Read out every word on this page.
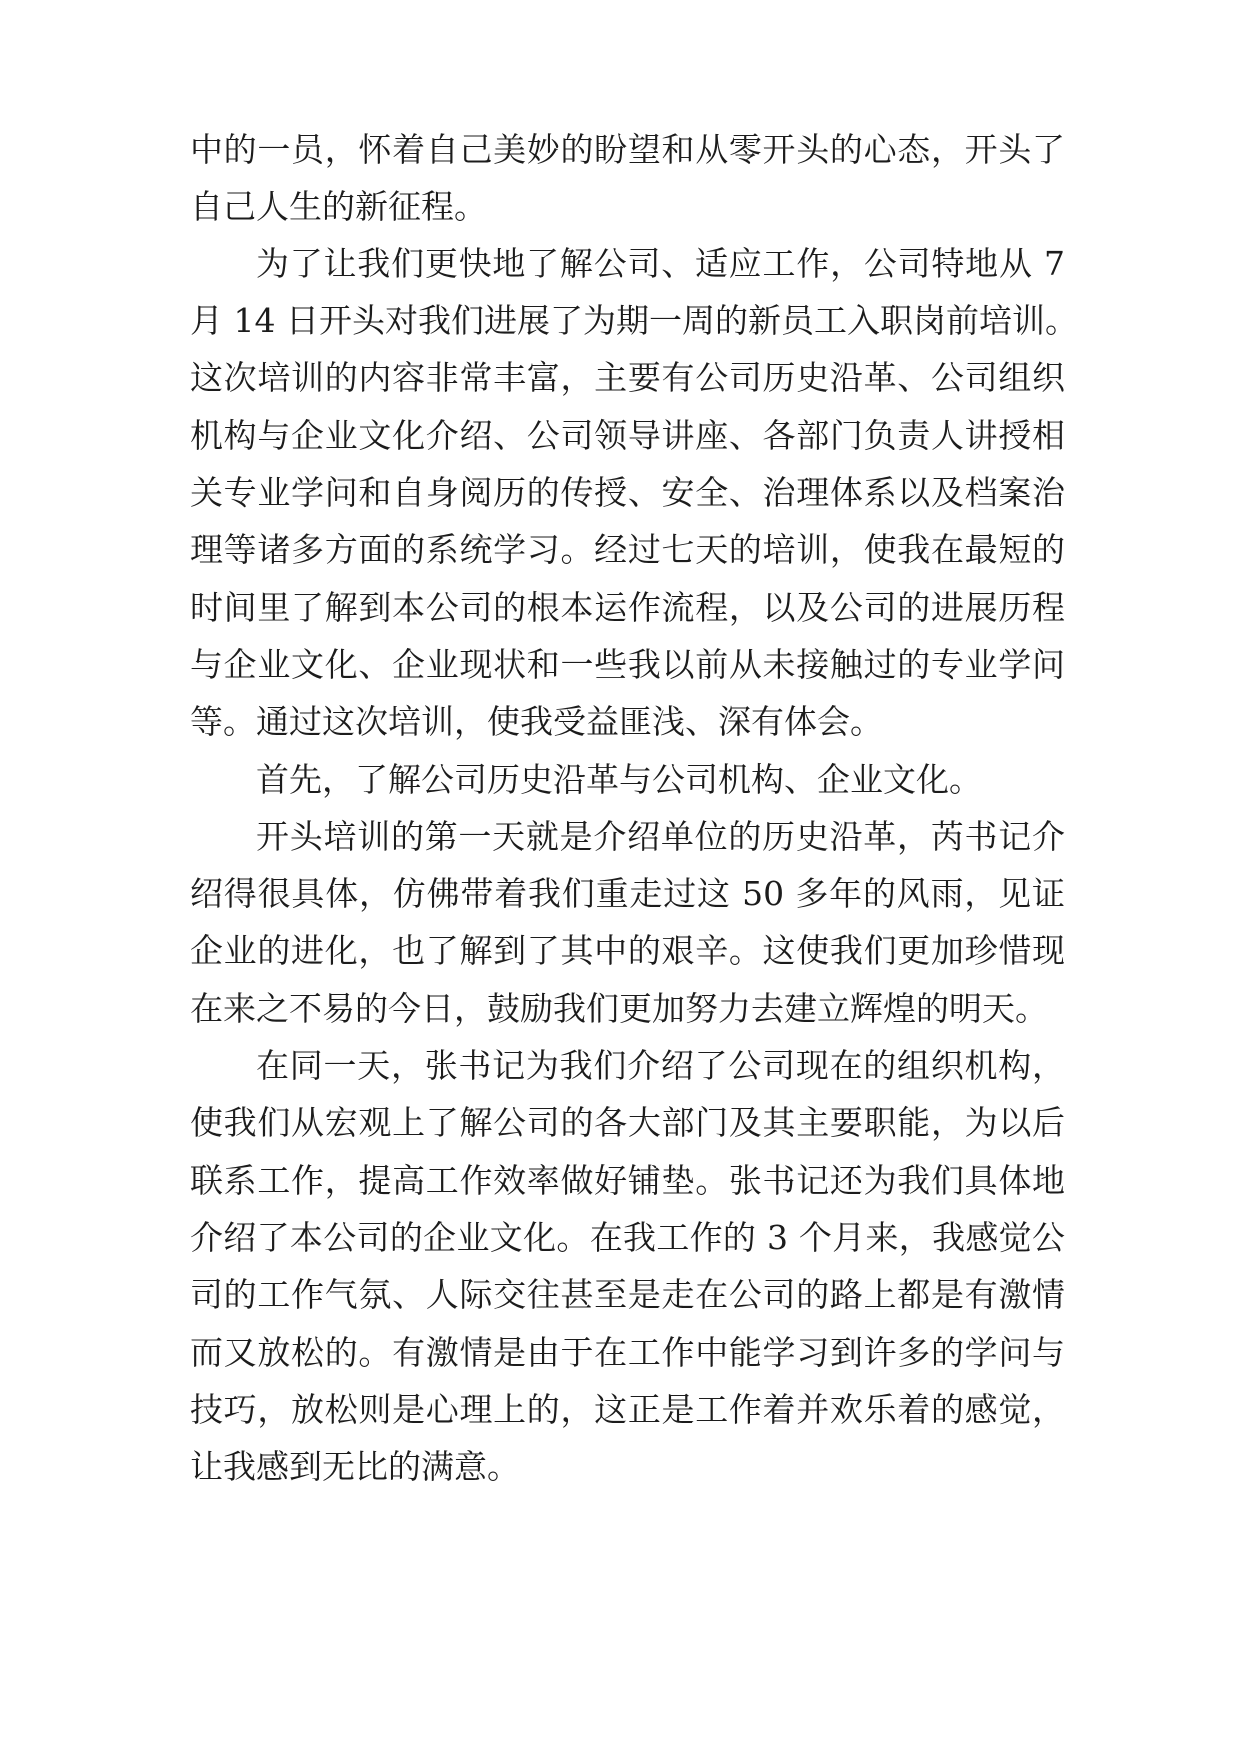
中的一员，怀着自己美妙的盼望和从零开头的心态，开头了

自己人生的新征程。

为了让我们更快地了解公司、适应工作，公司特地从 7

月 14 日开头对我们进展了为期一周的新员工入职岗前培训。

这次培训的内容非常丰富，主要有公司历史沿革、公司组织

机构与企业文化介绍、公司领导讲座、各部门负责人讲授相

关专业学问和自身阅历的传授、安全、治理体系以及档案治

理等诸多方面的系统学习。经过七天的培训，使我在最短的

时间里了解到本公司的根本运作流程，以及公司的进展历程

与企业文化、企业现状和一些我以前从未接触过的专业学问

等。通过这次培训，使我受益匪浅、深有体会。

首先，了解公司历史沿革与公司机构、企业文化。

开头培训的第一天就是介绍单位的历史沿革，芮书记介

绍得很具体，仿佛带着我们重走过这 50 多年的风雨，见证

企业的进化，也了解到了其中的艰辛。这使我们更加珍惜现

在来之不易的今日，鼓励我们更加努力去建立辉煌的明天。

在同一天，张书记为我们介绍了公司现在的组织机构，

使我们从宏观上了解公司的各大部门及其主要职能，为以后

联系工作，提高工作效率做好铺垫。张书记还为我们具体地

介绍了本公司的企业文化。在我工作的 3 个月来，我感觉公

司的工作气氛、人际交往甚至是走在公司的路上都是有激情

而又放松的。有激情是由于在工作中能学习到许多的学问与

技巧，放松则是心理上的，这正是工作着并欢乐着的感觉，

让我感到无比的满意。
